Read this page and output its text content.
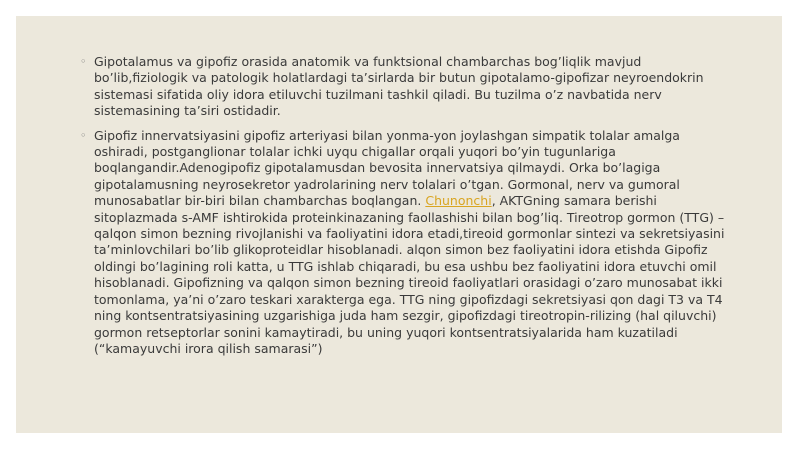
◦ Gipotalamus va gipofiz orasida anatomik va funktsional chambarchas bog’liqlik mavjud bo’lib,fiziologik va patologik holatlardagi ta’sirlarda bir butun gipotalamo-gipofizar neyroendokrin sistemasi sifatida oliy idora etiluvchi tuzilmani tashkil qiladi. Bu tuzilma o’z navbatida nerv sistemasining ta’siri ostidadir.

◦ Gipofiz innervatsiyasini gipofiz arteriyasi bilan yonma-yon joylashgan simpatik tolalar amalga oshiradi, postganglionar tolalar ichki uyqu chigallar orqali yuqori bo’yin tugunlariga boqlangandir.Adenogipofiz gipotalamusdan bevosita innervatsiya qilmaydi. Orka bo’lagiga gipotalamusning neyrosekretor yadrolarining nerv tolalari o’tgan. Gormonal, nerv va gumoral munosabatlar bir-biri bilan chambarchas boqlangan. Chunonchi, AKTGning samara berishi sitoplazmada s-AMF ishtirokida proteinkinazaning faollashishi bilan bog’liq. Tireotrop gormon (TTG) – qalqon simon bezning rivojlanishi va faoliyatini idora etadi,tireoid gormonlar sintezi va sekretsiyasini ta’minlovchilari bo’lib glikoproteidlar hisoblanadi. alqon simon bez faoliyatini idora etishda Gipofiz oldingi bo’lagining roli katta, u TTG ishlab chiqaradi, bu esa ushbu bez faoliyatini idora etuvchi omil hisoblanadi. Gipofizning va qalqon simon bezning tireoid faoliyatlari orasidagi o’zaro munosabat ikki tomonlama, ya’ni o’zaro teskari xarakterga ega. TTG ning gipofizdagi sekretsiyasi qon dagi T3 va T4 ning kontsentratsiyasining uzgarishiga juda ham sezgir, gipofizdagi tireotropin-rilizing (hal qiluvchi) gormon retseptorlar sonini kamaytiradi, bu uning yuqori kontsentratsiyalarida ham kuzatiladi (“kamayuvchi irora qilish samarasi”)
